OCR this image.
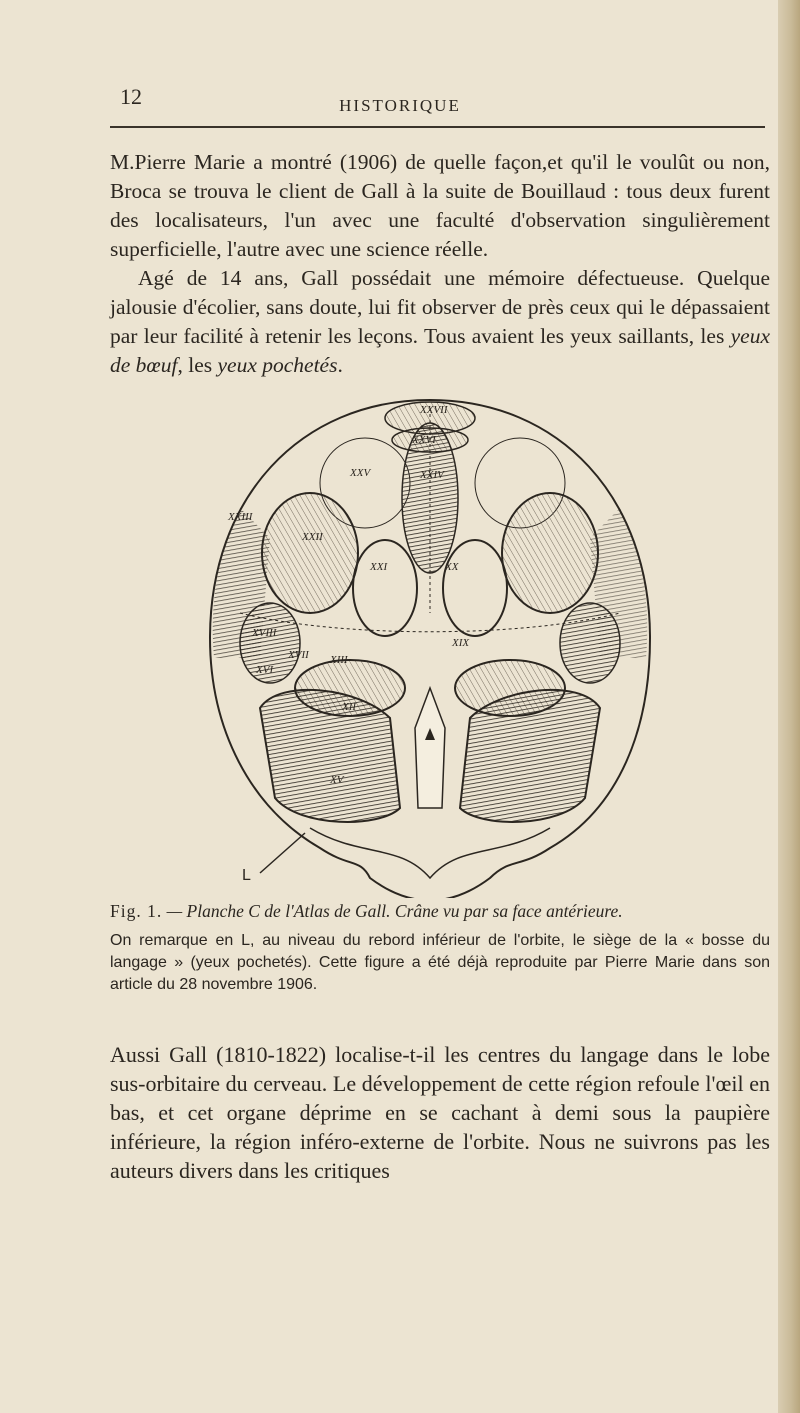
12	HISTORIQUE

M.Pierre Marie a montré (1906) de quelle façon,et qu'il le voulût ou non, Broca se trouva le client de Gall à la suite de Bouillaud : tous deux furent des localisateurs, l'un avec une faculté d'observation singulièrement superficielle, l'autre avec une science réelle.

Agé de 14 ans, Gall possédait une mémoire défectueuse. Quelque jalousie d'écolier, sans doute, lui fit observer de près ceux qui le dépassaient par leur facilité à retenir les leçons. Tous avaient les yeux saillants, les yeux de bœuf, les yeux pochetés.

XXVII
XXVI
XXV	XXIV
XXIII
XXII
XXI	XX
XIX
XVIII
XVII
XVI
XIII
XII
XV
L

Fig. 1. — Planche C de l'Atlas de Gall. Crâne vu par sa face antérieure.

On remarque en L, au niveau du rebord inférieur de l'orbite, le siège de la « bosse du langage » (yeux pochetés). Cette figure a été déjà reproduite par Pierre Marie dans son article du 28 novembre 1906.

Aussi Gall (1810-1822) localise-t-il les centres du langage dans le lobe sus-orbitaire du cerveau. Le développement de cette région refoule l'œil en bas, et cet organe déprime en se cachant à demi sous la paupière inférieure, la région inféro-externe de l'orbite. Nous ne suivrons pas les auteurs divers dans les critiques
